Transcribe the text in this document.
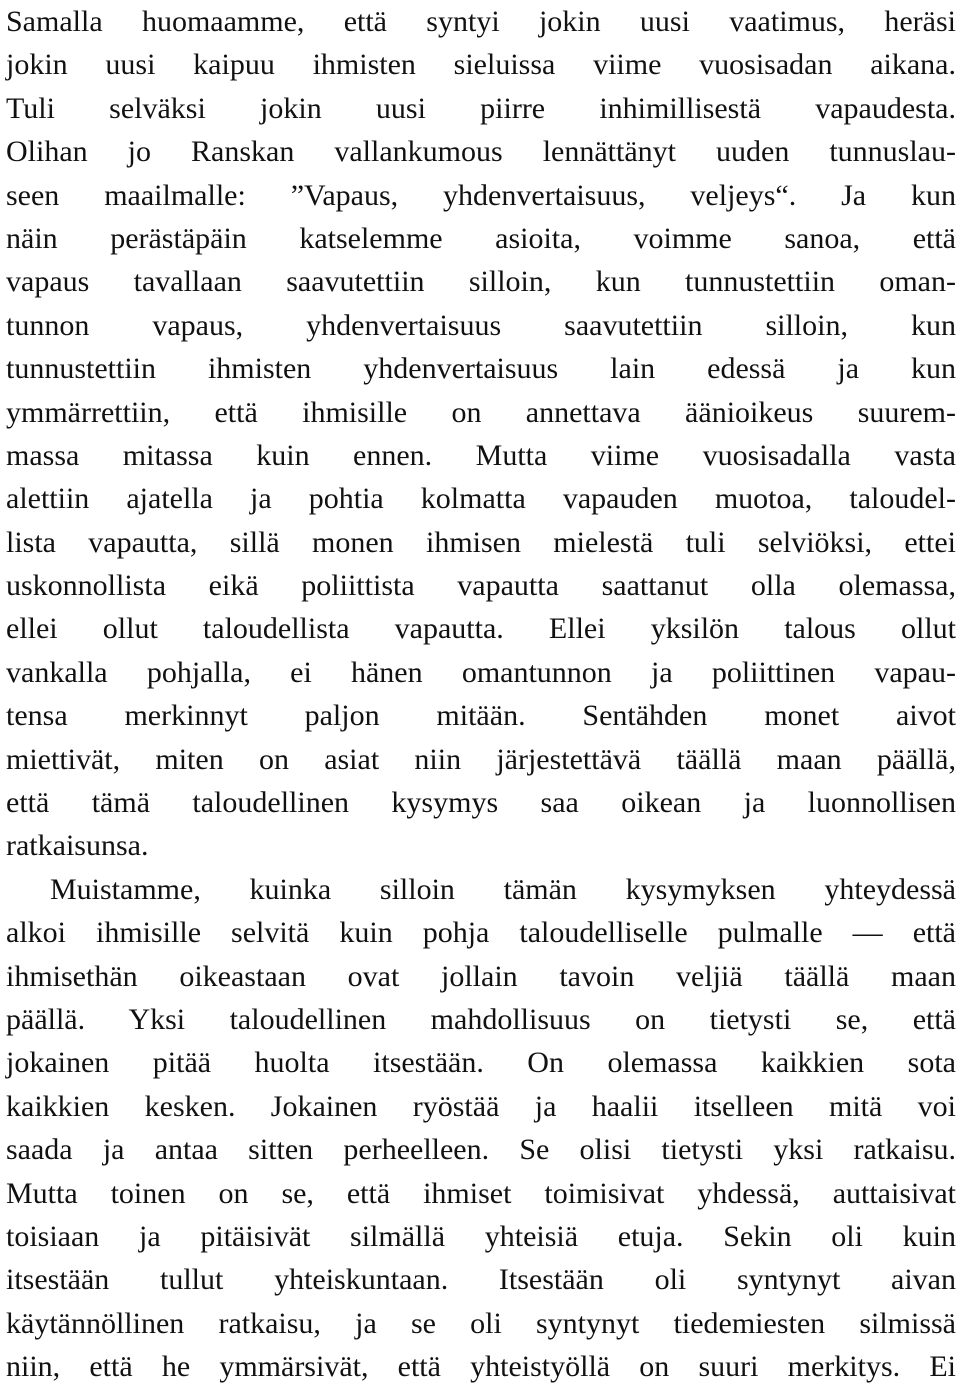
Samalla huomaamme, että syntyi jokin uusi vaatimus, heräsi
jokin uusi kaipuu ihmisten sieluissa viime vuosisadan aikana.
Tuli selväksi jokin uusi piirre inhimillisestä vapaudesta.
Olihan jo Ranskan vallankumous lennättänyt uuden tunnuslau-
seen maailmalle: ”Vapaus, yhdenvertaisuus, veljeys“. Ja kun
näin perästäpäin katselemme asioita, voimme sanoa, että
vapaus tavallaan saavutettiin silloin, kun tunnustettiin oman-
tunnon vapaus, yhdenvertaisuus saavutettiin silloin, kun
tunnustettiin ihmisten yhdenvertaisuus lain edessä ja kun
ymmärrettiin, että ihmisille on annettava äänioikeus suurem-
massa mitassa kuin ennen. Mutta viime vuosisadalla vasta
alettiin ajatella ja pohtia kolmatta vapauden muotoa, taloudel-
lista vapautta, sillä monen ihmisen mielestä tuli selviöksi, ettei
uskonnollista eikä poliittista vapautta saattanut olla olemassa,
ellei ollut taloudellista vapautta. Ellei yksilön talous ollut
vankalla pohjalla, ei hänen omantunnon ja poliittinen vapau-
tensa merkinnyt paljon mitään. Sentähden monet aivot
miettivät, miten on asiat niin järjestettävä täällä maan päällä,
että tämä taloudellinen kysymys saa oikean ja luonnollisen
ratkaisunsa.
Muistamme, kuinka silloin tämän kysymyksen yhteydessä
alkoi ihmisille selvitä kuin pohja taloudelliselle pulmalle — että
ihmisethän oikeastaan ovat jollain tavoin veljiä täällä maan
päällä. Yksi taloudellinen mahdollisuus on tietysti se, että
jokainen pitää huolta itsestään. On olemassa kaikkien sota
kaikkien kesken. Jokainen ryöstää ja haalii itselleen mitä voi
saada ja antaa sitten perheelleen. Se olisi tietysti yksi ratkaisu.
Mutta toinen on se, että ihmiset toimisivat yhdessä, auttaisivat
toisiaan ja pitäisivät silmällä yhteisiä etuja. Sekin oli kuin
itsestään tullut yhteiskuntaan. Itsestään oli syntynyt aivan
käytännöllinen ratkaisu, ja se oli syntynyt tiedemiesten silmissä
niin, että he ymmärsivät, että yhteistyöllä on suuri merkitys. Ei
